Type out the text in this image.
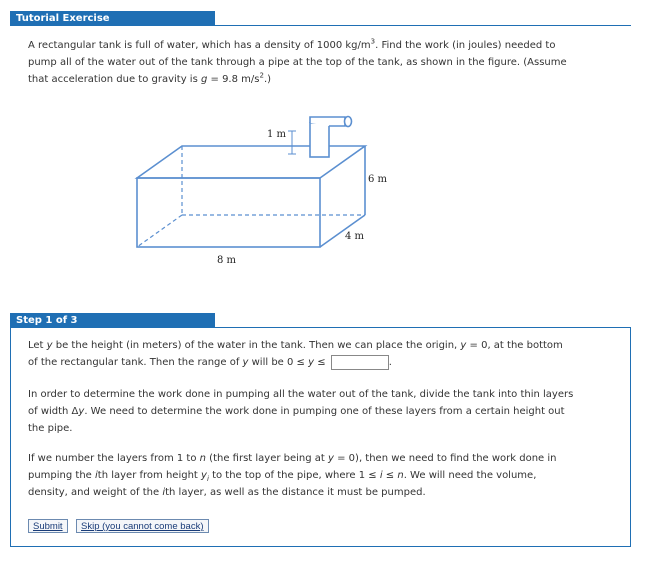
Tutorial Exercise

A rectangular tank is full of water, which has a density of 1000 $kg/m^3$. Find the work (in joules) needed to
pump all of the water out of the tank through a pipe at the top of the tank, as shown in the figure. (Assume
that acceleration due to gravity is g = 9.8 $m/s^2$.)

1 m
6 m
4 m
8 m
Step 1 of 3

Let y be the height (in meters) of the water in the tank. Then we can place the origin, y = 0, at the bottom
of the rectangular tank. Then the range of y will be 0 ≤ y ≤	.

In order to determine the work done in pumping all the water out of the tank, divide the tank into thin layers
of width Δy. We need to determine the work done in pumping one of these layers from a certain height out
the pipe.

If we number the layers from 1 to n (the first layer being at y = 0), then we need to find the work done in
pumping the ith layer from height $y_i$ to the top of the pipe, where 1 ≤ i ≤ n. We will need the volume,
density, and weight of the ith layer, as well as the distance it must be pumped.

Submit	Skip (you cannot come back)
